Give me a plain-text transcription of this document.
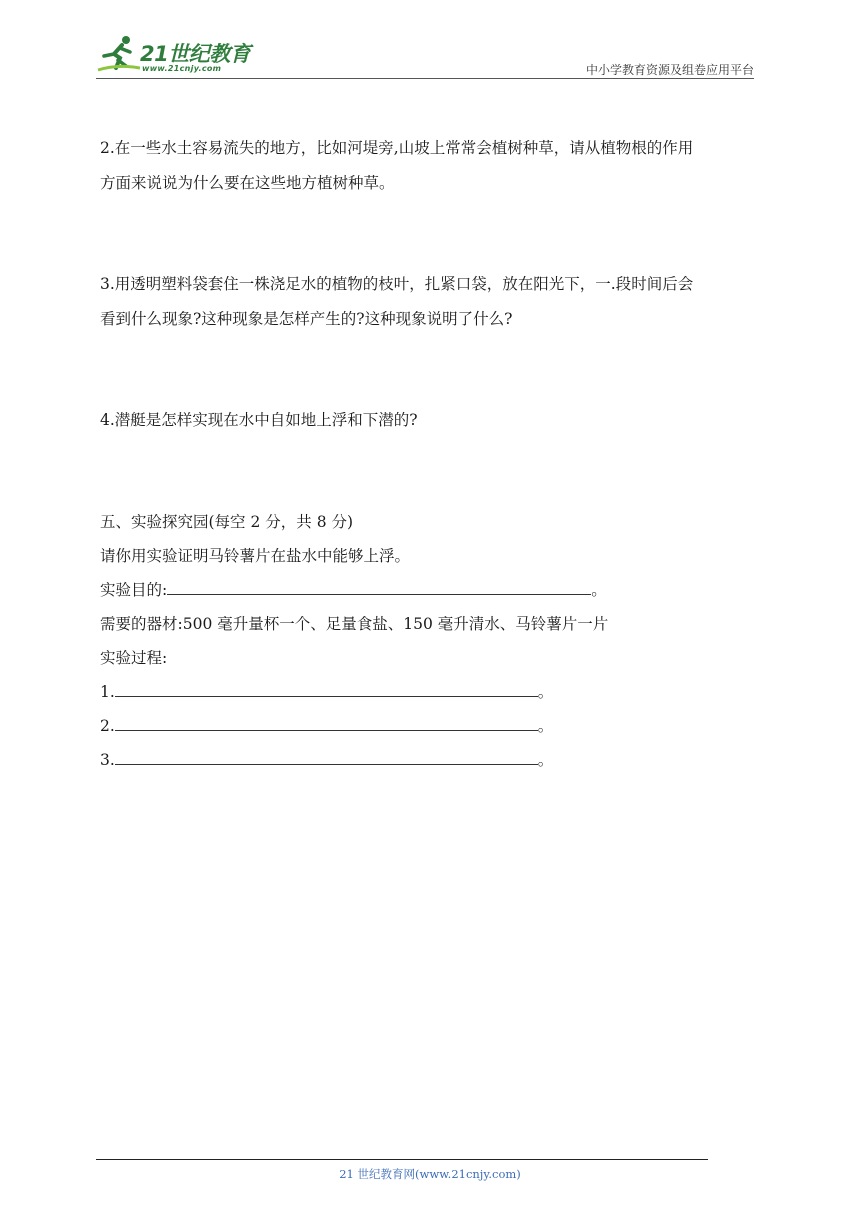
21世纪教育
www.21cnjy.com	中小学教育资源及组卷应用平台
2.在一些水土容易流失的地方，比如河堤旁,山坡上常常会植树种草，请从植物根的作用
方面来说说为什么要在这些地方植树种草。
3.用透明塑料袋套住一株浇足水的植物的枝叶，扎紧口袋，放在阳光下，一.段时间后会
看到什么现象?这种现象是怎样产生的?这种现象说明了什么?
4.潜艇是怎样实现在水中自如地上浮和下潜的?
五、实验探究园(每空 2 分，共 8 分)
请你用实验证明马铃薯片在盐水中能够上浮。
实验目的:	。
需要的器材:500 毫升量杯一个、足量食盐、150 毫升清水、马铃薯片一片
实验过程:
1.	。
2.	。
3.	。
21 世纪教育网(www.21cnjy.com)
